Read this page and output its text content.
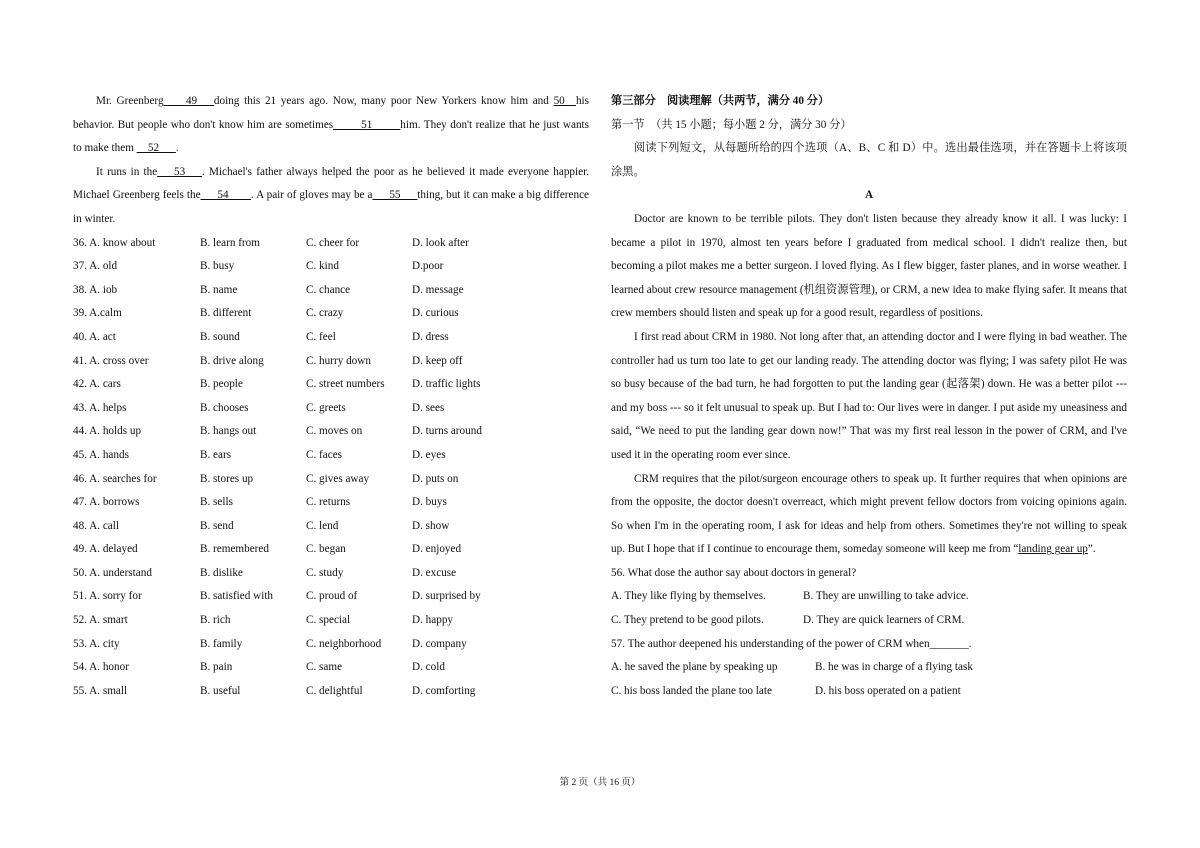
Mr. Greenberg____49___doing this 21 years ago. Now, many poor New Yorkers know him and 50__his behavior. But people who don't know him are sometimes_____51_____him. They don't realize that he just wants to make them __52___.

It runs in the___53___. Michael's father always helped the poor as he believed it made everyone happier. Michael Greenberg feels the___54____. A pair of gloves may be a___55___thing, but it can make a big difference in winter.

36. A. know about	B. learn from	C. cheer for	D. look after
37. A. old	B. busy	C. kind	D.poor
38. A. iob	B. name	C. chance	D. message
39. A.calm	B. different	C. crazy	D. curious
40. A. act	B. sound	C. feel	D. dress
41. A. cross over	B. drive along	C. hurry down	D. keep off
42. A. cars	B. people	C. street numbers	D. traffic lights
43. A. helps	B. chooses	C. greets	D. sees
44. A. holds up	B. hangs out	C. moves on	D. turns around
45. A. hands	B. ears	C. faces	D. eyes
46. A. searches for	B. stores up	C. gives away	D. puts on
47. A. borrows	B. sells	C. returns	D. buys
48. A. call	B. send	C. lend	D. show
49. A. delayed	B. remembered	C. began	D. enjoyed
50. A. understand	B. dislike	C. study	D. excuse
51. A. sorry for	B. satisfied with	C. proud of	D. surprised by
52. A. smart	B. rich	C. special	D. happy
53. A. city	B. family	C. neighborhood	D. company
54. A. honor	B. pain	C. same	D. cold
55. A. small	B. useful	C. delightful	D. comforting

第三部分　阅读理解（共两节，满分 40 分）

第一节　（共 15 小题；每小题 2 分，满分 30 分）

阅读下列短文，从每题所给的四个选项（A、B、C 和 D）中。选出最佳选项，并在答题卡上将该项涂黑。

A

Doctor are known to be terrible pilots. They don't listen because they already know it all. I was lucky: I became a pilot in 1970, almost ten years before I graduated from medical school. I didn't realize then, but becoming a pilot makes me a better surgeon. I loved flying. As I flew bigger, faster planes, and in worse weather. I learned about crew resource management (机组资源管理), or CRM, a new idea to make flying safer. It means that crew members should listen and speak up for a good result, regardless of positions.

I first read about CRM in 1980. Not long after that, an attending doctor and I were flying in bad weather. The controller had us turn too late to get our landing ready. The attending doctor was flying; I was safety pilot He was so busy because of the bad turn, he had forgotten to put the landing gear (起落架) down. He was a better pilot --- and my boss --- so it felt unusual to speak up. But I had to: Our lives were in danger. I put aside my uneasiness and said, “We need to put the landing gear down now!” That was my first real lesson in the power of CRM, and I've used it in the operating room ever since.

CRM requires that the pilot/surgeon encourage others to speak up. It further requires that when opinions are from the opposite, the doctor doesn't overreact, which might prevent fellow doctors from voicing opinions again. So when I'm in the operating room, I ask for ideas and help from others. Sometimes they're not willing to speak up. But I hope that if I continue to encourage them, someday someone will keep me from “landing gear up”.

56. What dose the author say about doctors in general?

A. They like flying by themselves.	B. They are unwilling to take advice.
C. They pretend to be good pilots.	D. They are quick learners of CRM.

57. The author deepened his understanding of the power of CRM when_______.

A. he saved the plane by speaking up	B. he was in charge of a flying task
C. his boss landed the plane too late	D. his boss operated on a patient
第 2 页（共 16 页）
